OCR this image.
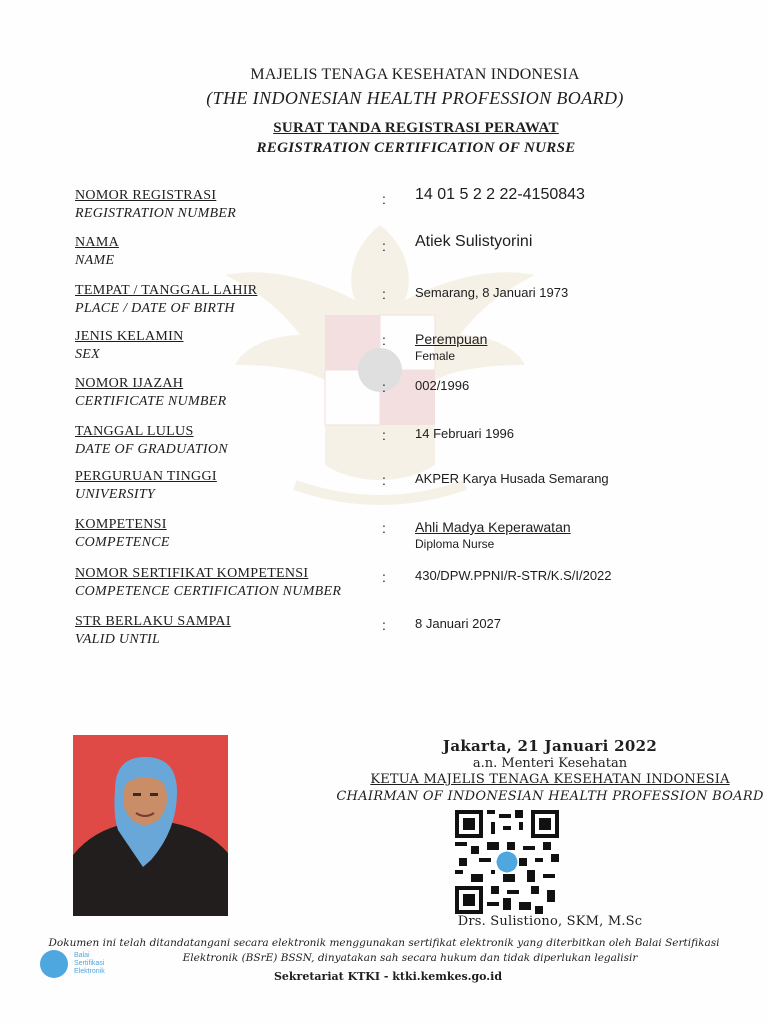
MAJELIS TENAGA KESEHATAN INDONESIA
(THE INDONESIAN HEALTH PROFESSION BOARD)
SURAT TANDA REGISTRASI PERAWAT
REGISTRATION CERTIFICATION OF NURSE
NOMOR REGISTRASI
REGISTRATION NUMBER
: 14 01 5 2 2 22-4150843
NAMA
NAME
: Atiek Sulistyorini
TEMPAT / TANGGAL LAHIR
PLACE / DATE OF BIRTH
: Semarang, 8 Januari 1973
JENIS KELAMIN
SEX
: Perempuan
Female
NOMOR IJAZAH
CERTIFICATE NUMBER
: 002/1996
TANGGAL LULUS
DATE OF GRADUATION
: 14 Februari 1996
PERGURUAN TINGGI
UNIVERSITY
: AKPER Karya Husada Semarang
KOMPETENSI
COMPETENCE
: Ahli Madya Keperawatan
Diploma Nurse
NOMOR SERTIFIKAT KOMPETENSI
COMPETENCE CERTIFICATION NUMBER
: 430/DPW.PPNI/R-STR/K.S/I/2022
STR BERLAKU SAMPAI
VALID UNTIL
: 8 Januari 2027
Jakarta, 21 Januari 2022
a.n. Menteri Kesehatan
KETUA MAJELIS TENAGA KESEHATAN INDONESIA
CHAIRMAN OF INDONESIAN HEALTH PROFESSION BOARD
Drs. Sulistiono, SKM, M.Sc
Dokumen ini telah ditandatangani secara elektronik menggunakan sertifikat elektronik yang diterbitkan oleh Balai Sertifikasi
Elektronik (BSrE) BSSN, dinyatakan sah secara hukum dan tidak diperlukan legalisir
Balai
Sertifikasi
Elektronik	Sekretariat KTKI - ktki.kemkes.go.id
